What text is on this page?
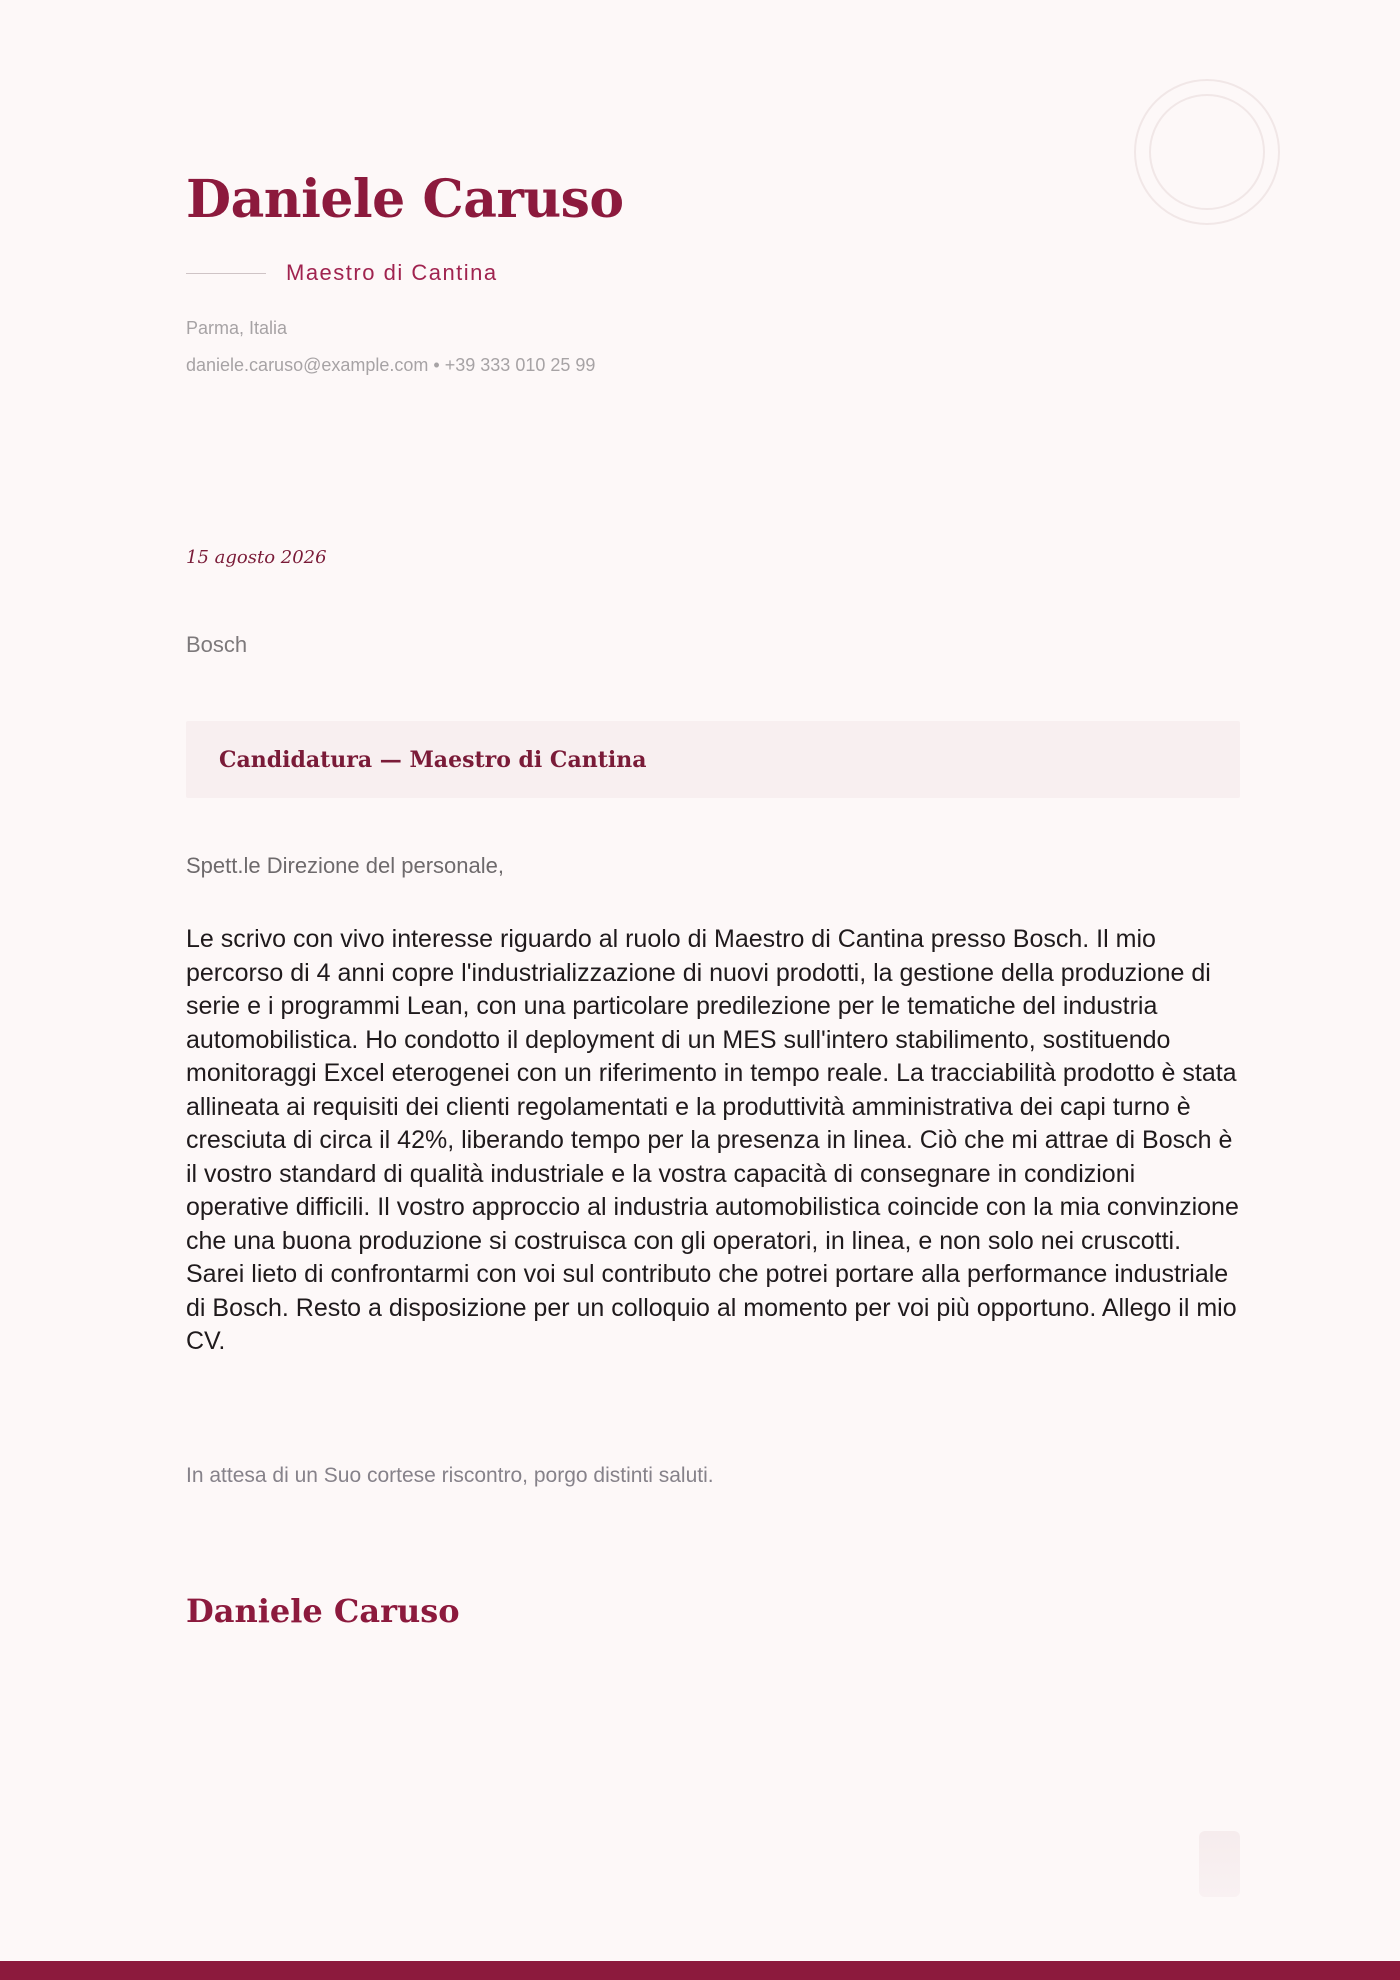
Daniele Caruso
Maestro di Cantina
Parma, Italia
daniele.caruso@example.com • +39 333 010 25 99
15 agosto 2026
Bosch
Candidatura — Maestro di Cantina
Spett.le Direzione del personale,

Le scrivo con vivo interesse riguardo al ruolo di Maestro di Cantina presso Bosch. Il mio percorso di 4 anni copre l'industrializzazione di nuovi prodotti, la gestione della produzione di serie e i programmi Lean, con una particolare predilezione per le tematiche del industria automobilistica. Ho condotto il deployment di un MES sull'intero stabilimento, sostituendo monitoraggi Excel eterogenei con un riferimento in tempo reale. La tracciabilità prodotto è stata allineata ai requisiti dei clienti regolamentati e la produttività amministrativa dei capi turno è cresciuta di circa il 42%, liberando tempo per la presenza in linea. Ciò che mi attrae di Bosch è il vostro standard di qualità industriale e la vostra capacità di consegnare in condizioni operative difficili. Il vostro approccio al industria automobilistica coincide con la mia convinzione che una buona produzione si costruisca con gli operatori, in linea, e non solo nei cruscotti. Sarei lieto di confrontarmi con voi sul contributo che potrei portare alla performance industriale di Bosch. Resto a disposizione per un colloquio al momento per voi più opportuno. Allego il mio CV.

In attesa di un Suo cortese riscontro, porgo distinti saluti.
Daniele Caruso
